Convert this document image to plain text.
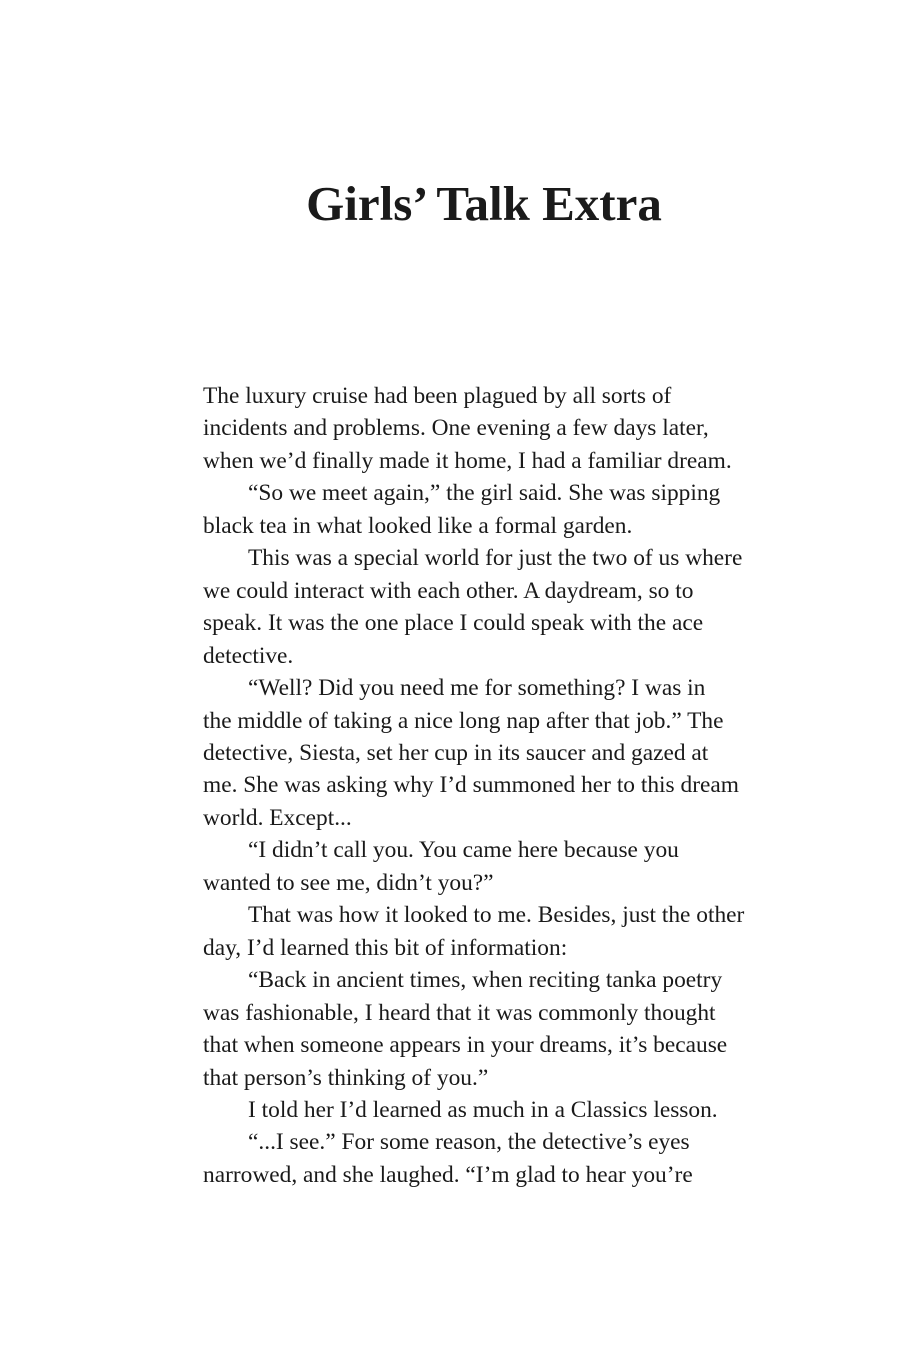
Girls’ Talk Extra

The luxury cruise had been plagued by all sorts of
incidents and problems. One evening a few days later,
when we’d finally made it home, I had a familiar dream.

“So we meet again,” the girl said. She was sipping
black tea in what looked like a formal garden.

This was a special world for just the two of us where
we could interact with each other. A daydream, so to
speak. It was the one place I could speak with the ace
detective.

“Well? Did you need me for something? I was in
the middle of taking a nice long nap after that job.” The
detective, Siesta, set her cup in its saucer and gazed at
me. She was asking why I’d summoned her to this dream
world. Except...

“I didn’t call you. You came here because you
wanted to see me, didn’t you?”

That was how it looked to me. Besides, just the other
day, I’d learned this bit of information:

“Back in ancient times, when reciting tanka poetry
was fashionable, I heard that it was commonly thought
that when someone appears in your dreams, it’s because
that person’s thinking of you.”

I told her I’d learned as much in a Classics lesson.

“...I see.” For some reason, the detective’s eyes
narrowed, and she laughed. “I’m glad to hear you’re
